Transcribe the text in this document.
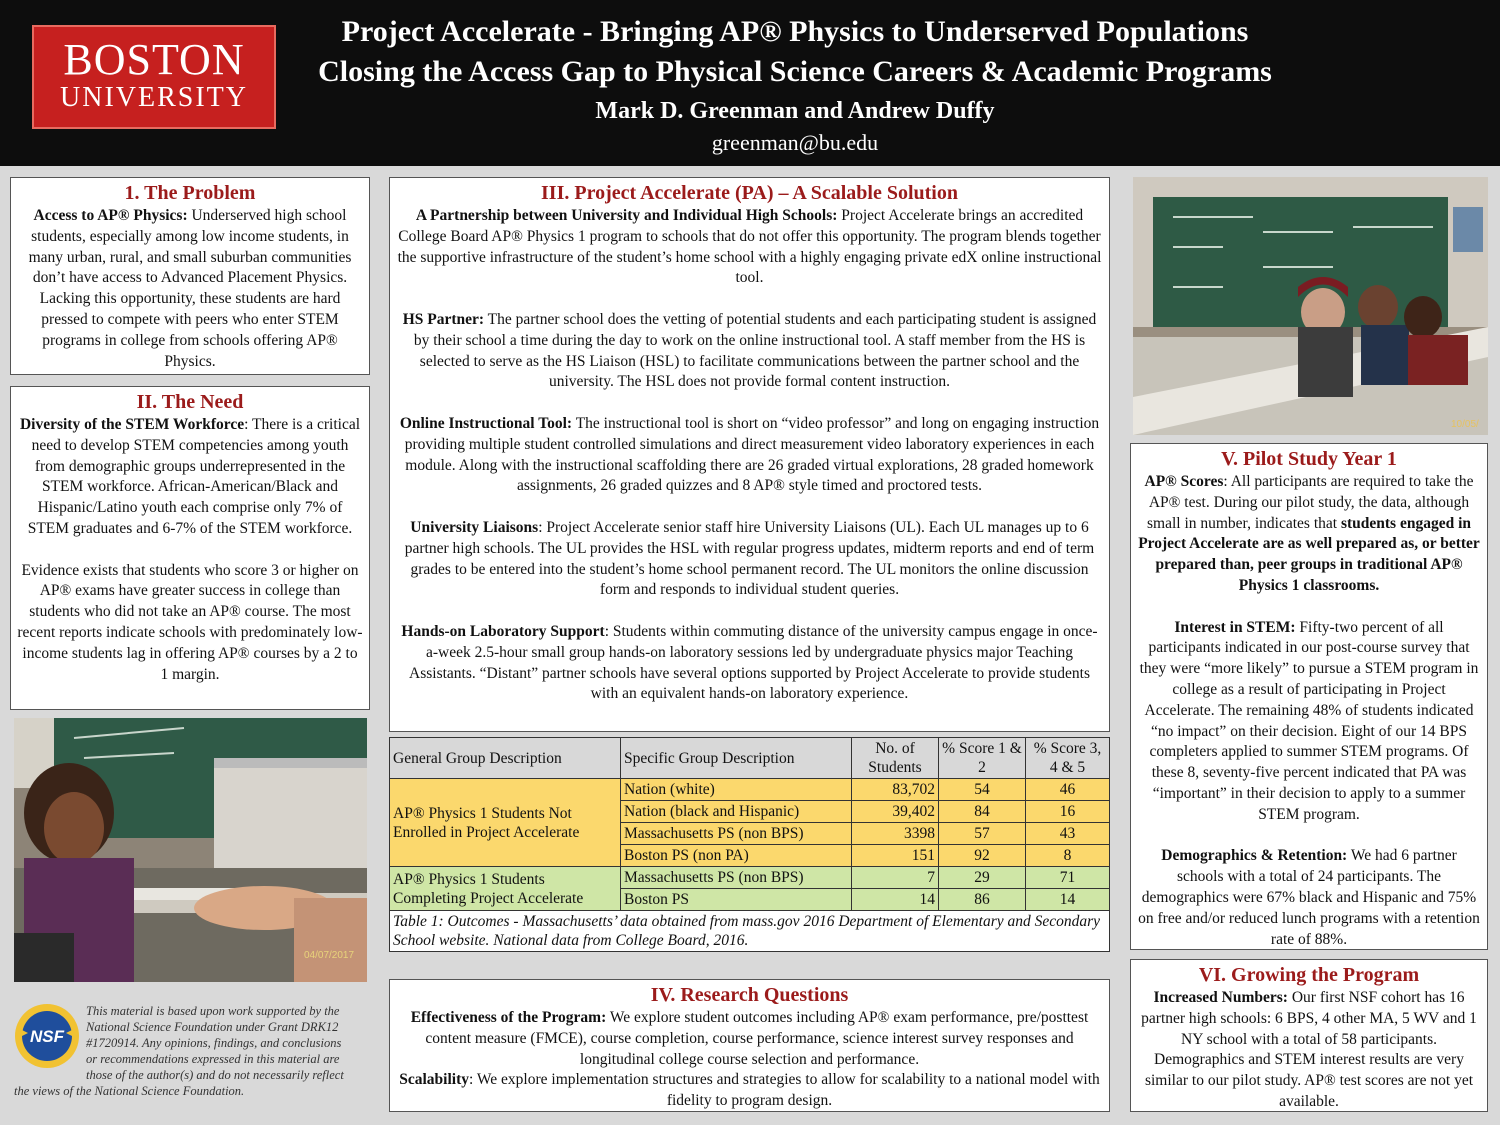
BOSTON
UNIVERSITY
Project Accelerate - Bringing AP® Physics to Underserved Populations
Closing the Access Gap to Physical Science Careers & Academic Programs
Mark D. Greenman and Andrew Duffy
greenman@bu.edu
1. The Problem

Access to AP® Physics: Underserved high school students, especially among low income students, in many urban, rural, and small suburban communities don’t have access to Advanced Placement Physics. Lacking this opportunity, these students are hard pressed to compete with peers who enter STEM programs in college from schools offering AP® Physics.

II. The Need

Diversity of the STEM Workforce: There is a critical need to develop STEM competencies among youth from demographic groups underrepresented in the STEM workforce. African-American/Black and Hispanic/Latino youth each comprise only 7% of STEM graduates and 6-7% of the STEM workforce.

Evidence exists that students who score 3 or higher on AP® exams have greater success in college than students who did not take an AP® course. The most recent reports indicate schools with predominately low-income students lag in offering AP® courses by a 2 to 1 margin.

04/07/2017
III. Project Accelerate (PA) – A Scalable Solution

A Partnership between University and Individual High Schools: Project Accelerate brings an accredited College Board AP® Physics 1 program to schools that do not offer this opportunity. The program blends together the supportive infrastructure of the student’s home school with a highly engaging private edX online instructional tool.

HS Partner: The partner school does the vetting of potential students and each participating student is assigned by their school a time during the day to work on the online instructional tool. A staff member from the HS is selected to serve as the HS Liaison (HSL) to facilitate communications between the partner school and the university. The HSL does not provide formal content instruction.

Online Instructional Tool: The instructional tool is short on “video professor” and long on engaging instruction providing multiple student controlled simulations and direct measurement video laboratory experiences in each module. Along with the instructional scaffolding there are 26 graded virtual explorations, 28 graded homework assignments, 26 graded quizzes and 8 AP® style timed and proctored tests.

University Liaisons: Project Accelerate senior staff hire University Liaisons (UL). Each UL manages up to 6 partner high schools. The UL provides the HSL with regular progress updates, midterm reports and end of term grades to be entered into the student’s home school permanent record. The UL monitors the online discussion form and responds to individual student queries.

Hands-on Laboratory Support: Students within commuting distance of the university campus engage in once-a-week 2.5-hour small group hands-on laboratory sessions led by undergraduate physics major Teaching Assistants. “Distant” partner schools have several options supported by Project Accelerate to provide students with an equivalent hands-on laboratory experience.

General Group Description	Specific Group Description	No. of Students	% Score 1 & 2	% Score 3, 4 & 5
AP® Physics 1 Students Not Enrolled in Project Accelerate	Nation (white)	83,702	54	46
	Nation (black and Hispanic)	39,402	84	16
	Massachusetts PS (non BPS)	3398	57	43
	Boston PS (non PA)	151	92	8
AP® Physics 1 Students Completing Project Accelerate	Massachusetts PS (non BPS)	7	29	71
	Boston PS	14	86	14
Table 1: Outcomes - Massachusetts’ data obtained from mass.gov 2016 Department of Elementary and Secondary School website. National data from College Board, 2016.				
IV. Research Questions

Effectiveness of the Program: We explore student outcomes including AP® exam performance, pre/posttest content measure (FMCE), course completion, course performance, science interest survey responses and longitudinal college course selection and performance.

Scalability: We explore implementation structures and strategies to allow for scalability to a national model with fidelity to program design.

10/05/
V. Pilot Study Year 1

AP® Scores: All participants are required to take the AP® test. During our pilot study, the data, although small in number, indicates that students engaged in Project Accelerate are as well prepared as, or better prepared than, peer groups in traditional AP® Physics 1 classrooms.

Interest in STEM: Fifty-two percent of all participants indicated in our post-course survey that they were “more likely” to pursue a STEM program in college as a result of participating in Project Accelerate. The remaining 48% of students indicated “no impact” on their decision. Eight of our 14 BPS completers applied to summer STEM programs. Of these 8, seventy-five percent indicated that PA was “important” in their decision to apply to a summer STEM program.

Demographics & Retention: We had 6 partner schools with a total of 24 participants. The demographics were 67% black and Hispanic and 75% on free and/or reduced lunch programs with a retention rate of 88%.

VI. Growing the Program

Increased Numbers: Our first NSF cohort has 16 partner high schools: 6 BPS, 4 other MA, 5 WV and 1 NY school with a total of 58 participants. Demographics and STEM interest results are very similar to our pilot study. AP® test scores are not yet available.

NSF
This material is based upon work supported by the National Science Foundation under Grant DRK12 #1720914. Any opinions, findings, and conclusions or recommendations expressed in this material are those of the author(s) and do not necessarily reflect the views of the National Science Foundation.
